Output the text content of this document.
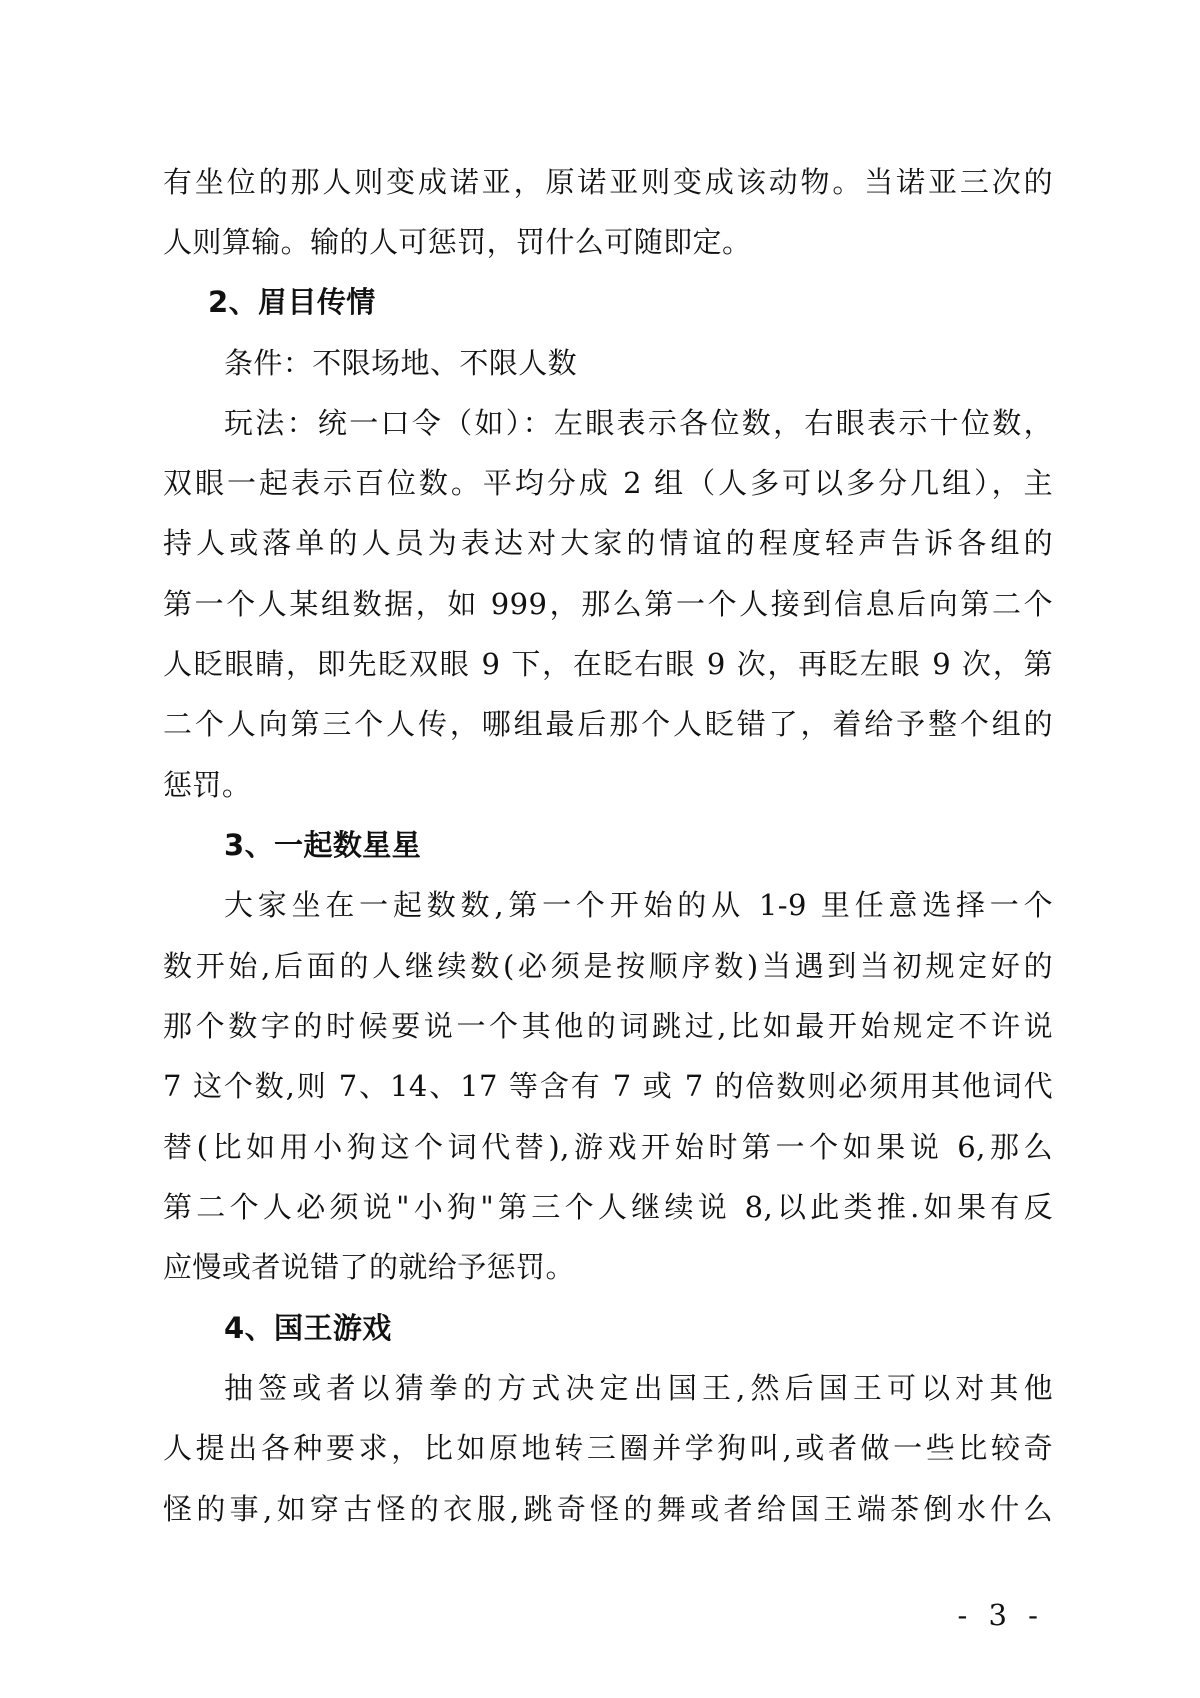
有坐位的那人则变成诺亚，原诺亚则变成该动物。当诺亚三次的
人则算输。输的人可惩罚，罚什么可随即定。
2、眉目传情
条件：不限场地、不限人数
玩法：统一口令（如）：左眼表示各位数，右眼表示十位数，
双眼一起表示百位数。平均分成 2 组（人多可以多分几组），主
持人或落单的人员为表达对大家的情谊的程度轻声告诉各组的
第一个人某组数据，如 999，那么第一个人接到信息后向第二个
人眨眼睛，即先眨双眼 9 下，在眨右眼 9 次，再眨左眼 9 次，第
二个人向第三个人传，哪组最后那个人眨错了，着给予整个组的
惩罚。
3、一起数星星
大家坐在一起数数,第一个开始的从 1-9 里任意选择一个
数开始,后面的人继续数(必须是按顺序数)当遇到当初规定好的
那个数字的时候要说一个其他的词跳过,比如最开始规定不许说
7 这个数,则 7、14、17 等含有 7 或 7 的倍数则必须用其他词代
替(比如用小狗这个词代替),游戏开始时第一个如果说 6,那么
第二个人必须说"小狗"第三个人继续说 8,以此类推.如果有反
应慢或者说错了的就给予惩罚。
4、国王游戏
抽签或者以猜拳的方式决定出国王,然后国王可以对其他
人提出各种要求，比如原地转三圈并学狗叫,或者做一些比较奇
怪的事,如穿古怪的衣服,跳奇怪的舞或者给国王端茶倒水什么
- 3 -
